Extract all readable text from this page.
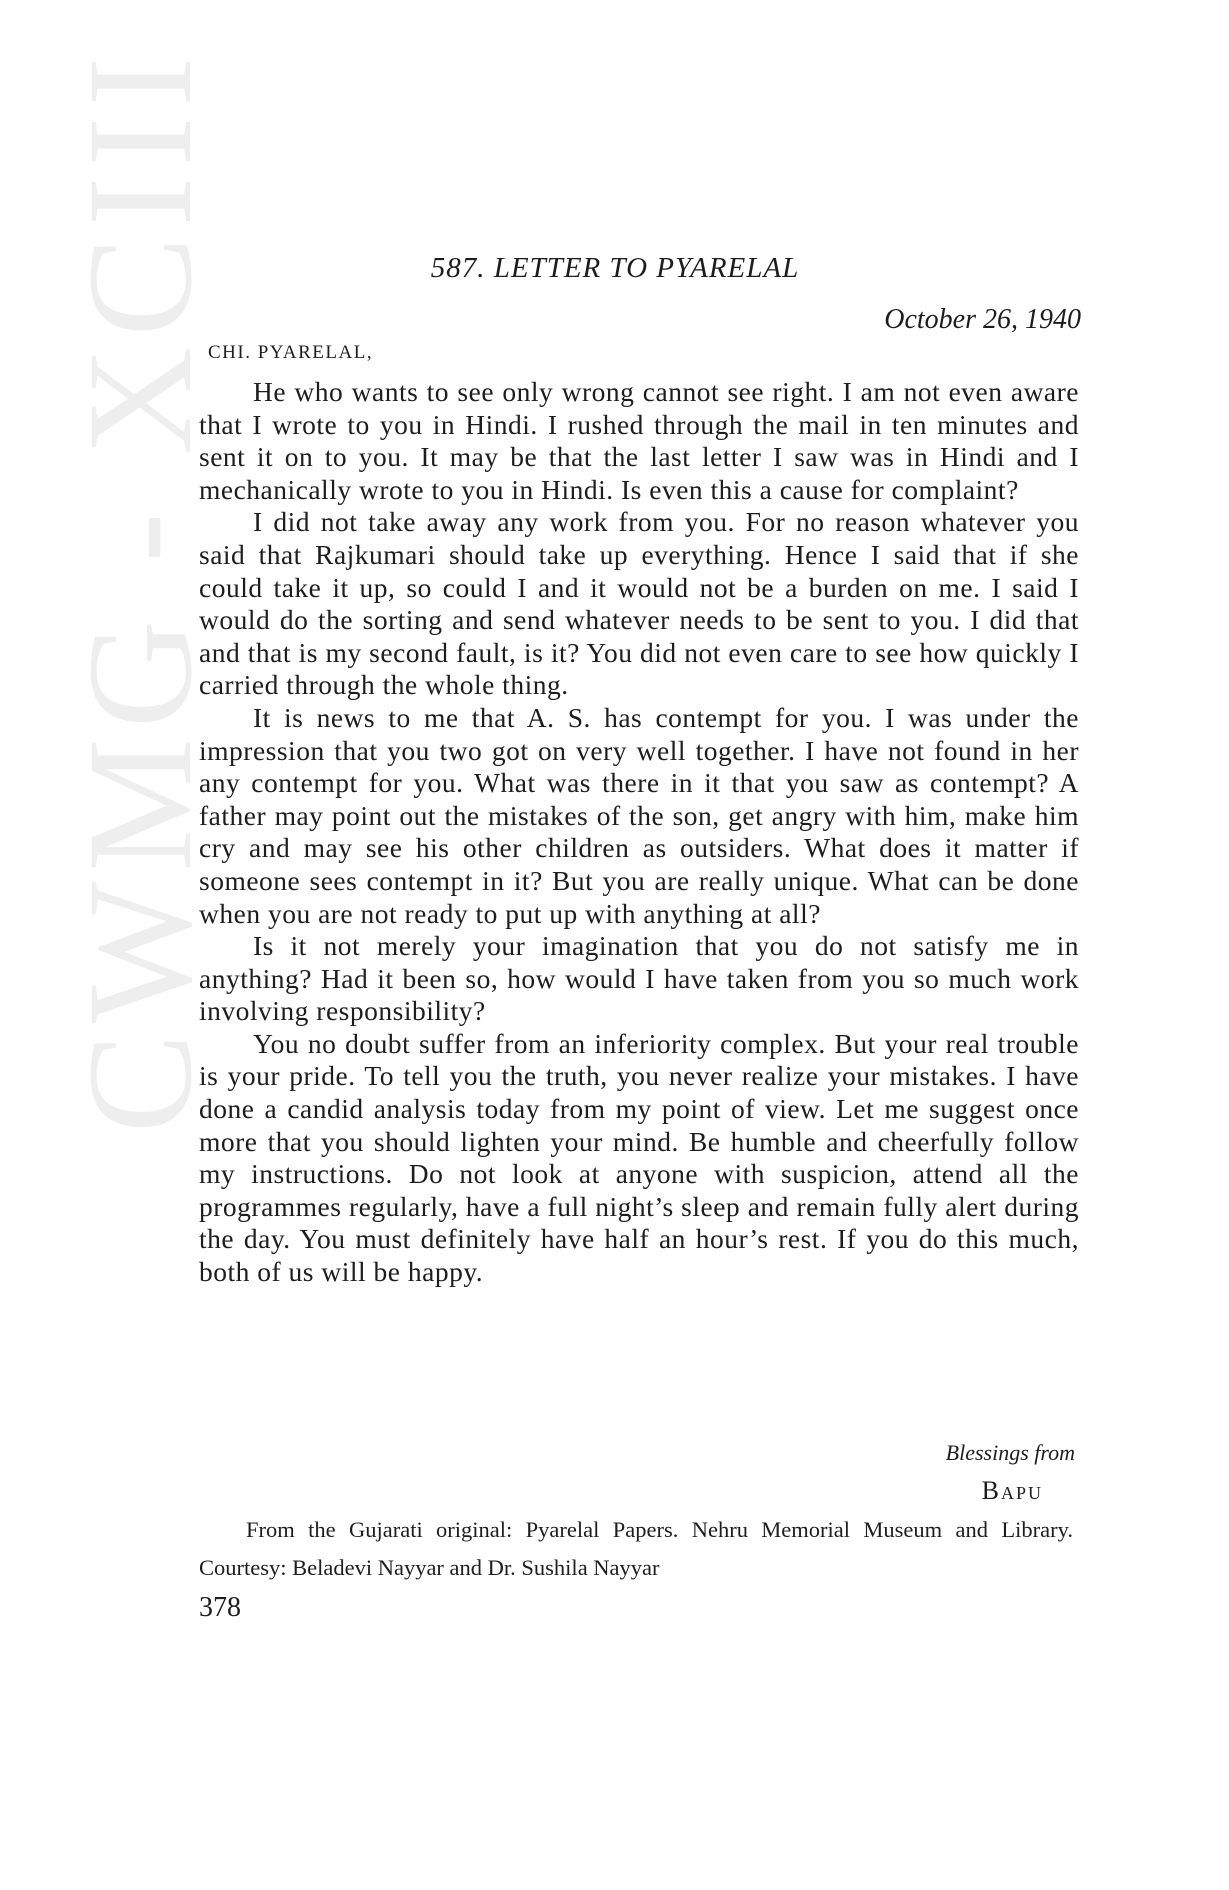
CWMG - XCIII	587. LETTER TO PYARELAL
October 26, 1940
CHI. PYARELAL,

He who wants to see only wrong cannot see right. I am not even aware that I wrote to you in Hindi. I rushed through the mail in ten minutes and sent it on to you. It may be that the last letter I saw was in Hindi and I mechanically wrote to you in Hindi. Is even this a cause for complaint?

I did not take away any work from you. For no reason whatever you said that Rajkumari should take up everything. Hence I said that if she could take it up, so could I and it would not be a burden on me. I said I would do the sorting and send whatever needs to be sent to you. I did that and that is my second fault, is it? You did not even care to see how quickly I carried through the whole thing.

It is news to me that A. S. has contempt for you. I was under the impression that you two got on very well together. I have not found in her any contempt for you. What was there in it that you saw as contempt? A father may point out the mistakes of the son, get angry with him, make him cry and may see his other children as outsiders. What does it matter if someone sees contempt in it? But you are really unique. What can be done when you are not ready to put up with anything at all?

Is it not merely your imagination that you do not satisfy me in anything? Had it been so, how would I have taken from you so much work involving responsibility?

You no doubt suffer from an inferiority complex. But your real trouble is your pride. To tell you the truth, you never realize your mistakes. I have done a candid analysis today from my point of view. Let me suggest once more that you should lighten your mind. Be humble and cheerfully follow my instructions. Do not look at anyone with suspicion, attend all the programmes regularly, have a full night’s sleep and remain fully alert during the day. You must definitely have half an hour’s rest. If you do this much, both of us will be happy.

Blessings from
Bapu
From the Gujarati original: Pyarelal Papers. Nehru Memorial Museum and Library. Courtesy: Beladevi Nayyar and Dr. Sushila Nayyar
378
